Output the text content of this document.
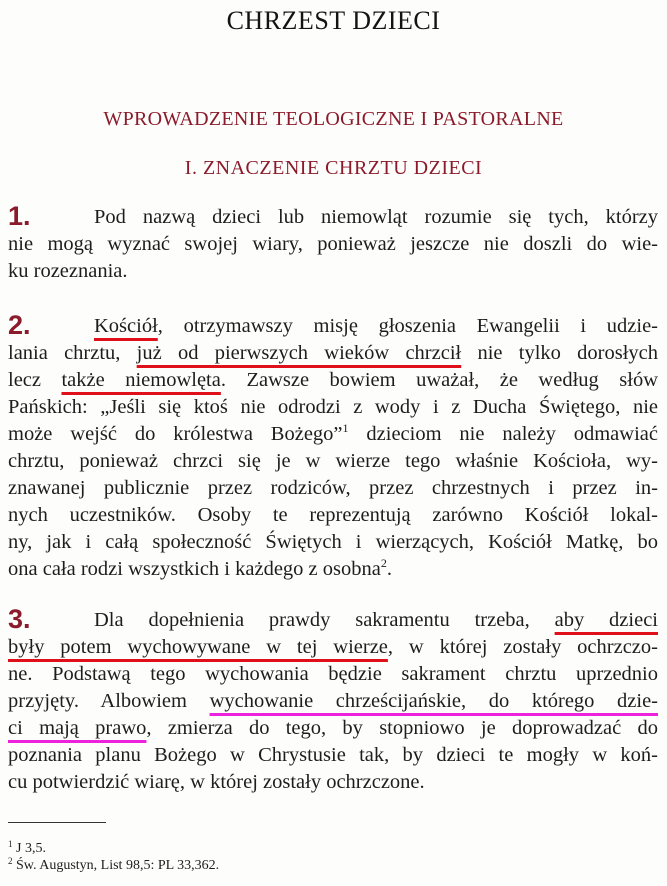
CHRZEST DZIECI
WPROWADZENIE TEOLOGICZNE I PASTORALNE
I. ZNACZENIE CHRZTU DZIECI
1.	Pod nazwą dzieci lub niemowląt rozumie się tych, którzy
nie mogą wyznać swojej wiary, ponieważ jeszcze nie doszli do wie-
ku rozeznania.
2.	Kościół, otrzymawszy misję głoszenia Ewangelii i udzie-
lania chrztu, już od pierwszych wieków chrzcił nie tylko dorosłych
lecz także niemowlęta. Zawsze bowiem uważał, że według słów
Pańskich: „Jeśli się ktoś nie odrodzi z wody i z Ducha Świętego, nie
może wejść do królestwa Bożego”$^1$ dzieciom nie należy odmawiać
chrztu, ponieważ chrzci się je w wierze tego właśnie Kościoła, wy-
znawanej publicznie przez rodziców, przez chrzestnych i przez in-
nych uczestników. Osoby te reprezentują zarówno Kościół lokal-
ny, jak i całą społeczność Świętych i wierzących, Kościół Matkę, bo
ona cała rodzi wszystkich i każdego z osobna$^2$.
3.	Dla dopełnienia prawdy sakramentu trzeba, aby dzieci
były potem wychowywane w tej wierze, w której zostały ochrzczo-
ne. Podstawą tego wychowania będzie sakrament chrztu uprzednio
przyjęty. Albowiem wychowanie chrześcijańskie, do którego dzie-
ci mają prawo, zmierza do tego, by stopniowo je doprowadzać do
poznania planu Bożego w Chrystusie tak, by dzieci te mogły w koń-
cu potwierdzić wiarę, w której zostały ochrzczone.
$^1$ J 3,5.
$^2$ Św. Augustyn, List 98,5: PL 33,362.
